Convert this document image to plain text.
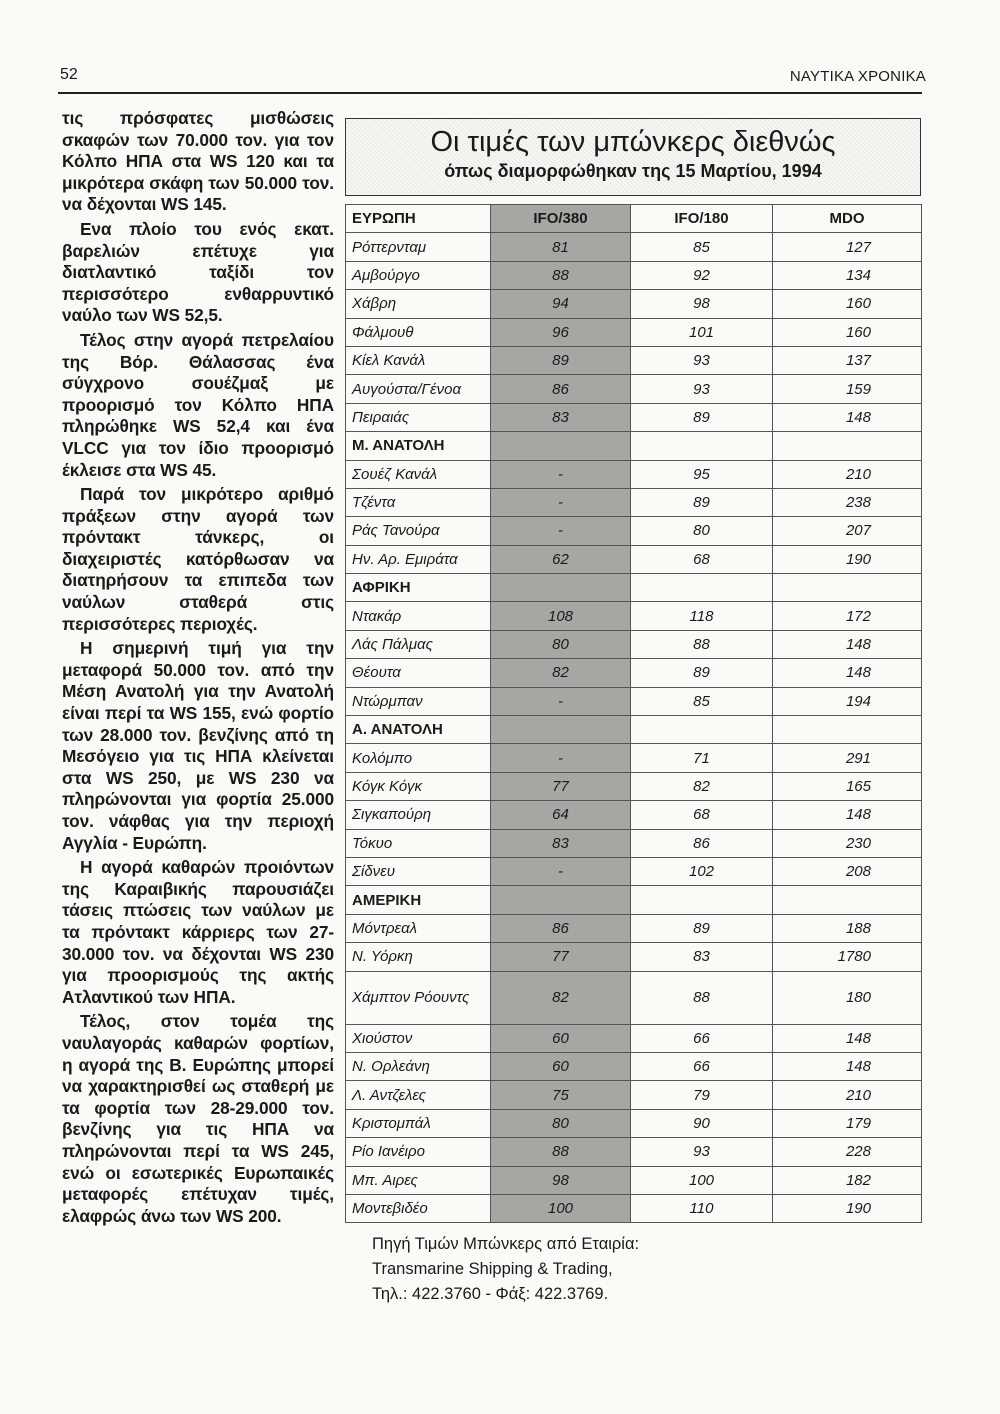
52	ΝΑΥΤΙΚΑ ΧΡΟΝΙΚΑ

τις πρόσφατες μισθώσεις σκαφών των 70.000 τον. για τον Κόλπο ΗΠΑ στα WS 120 και τα μικρότερα σκάφη των 50.000 τον. να δέχονται WS 145.

Ενα πλοίο του ενός εκατ. βαρελιών επέτυχε για διατλαντικό ταξίδι τον περισσότερο ενθαρρυντικό ναύλο των WS 52,5.

Τέλος στην αγορά πετρελαίου της Βόρ. Θάλασσας ένα σύγχρονο σουέζμαξ με προορισμό τον Κόλπο ΗΠΑ πληρώθηκε WS 52,4 και ένα VLCC για τον ίδιο προορισμό έκλεισε στα WS 45.

Παρά τον μικρότερο αριθμό πράξεων στην αγορά των πρόντακτ τάνκερς, οι διαχειριστές κατόρθωσαν να διατηρήσουν τα επιπεδα των ναύλων σταθερά στις περισσότερες περιοχές.

Η σημερινή τιμή για την μεταφορά 50.000 τον. από την Μέση Ανατολή για την Ανατολή είναι περί τα WS 155, ενώ φορτίο των 28.000 τον. βενζίνης από τη Μεσόγειο για τις ΗΠΑ κλείνεται στα WS 250, με WS 230 να πληρώνονται για φορτία 25.000 τον. νάφθας για την περιοχή Αγγλία - Ευρώπη.

Η αγορά καθαρών προιόντων της Καραιβικής παρουσιάζει τάσεις πτώσεις των ναύλων με τα πρόντακτ κάρριερς των 27-30.000 τον. να δέχονται WS 230 για προορισμούς της ακτής Ατλαντικού των ΗΠΑ.

Τέλος, στον τομέα της ναυλαγοράς καθαρών φορτίων, η αγορά της Β. Ευρώπης μπορεί να χαρακτηρισθεί ως σταθερή με τα φορτία των 28-29.000 τον. βενζίνης για τις ΗΠΑ να πληρώνονται περί τα WS 245, ενώ οι εσωτερικές Ευρωπαικές μεταφορές επέτυχαν τιμές, ελαφρώς άνω των WS 200.

Οι τιμές των μπώνκερς διεθνώς
όπως διαμορφώθηκαν της 15 Μαρτίου, 1994
ΕΥΡΩΠΗ	IFO/380	IFO/180	MDO
Ρόττερνταμ	81	85	127
Αμβούργο	88	92	134
Χάβρη	94	98	160
Φάλμουθ	96	101	160
Κίελ Κανάλ	89	93	137
Αυγούστα/Γένοα	86	93	159
Πειραιάς	83	89	148
Μ. ΑΝΑΤΟΛΗ			
Σουέζ Κανάλ	-	95	210
Τζέντα	-	89	238
Ράς Τανούρα	-	80	207
Ην. Αρ. Εμιράτα	62	68	190
ΑΦΡΙΚΗ			
Ντακάρ	108	118	172
Λάς Πάλμας	80	88	148
Θέουτα	82	89	148
Ντώρμπαν	-	85	194
Α. ΑΝΑΤΟΛΗ			
Κολόμπο	-	71	291
Κόγκ Κόγκ	77	82	165
Σιγκαπούρη	64	68	148
Τόκυο	83	86	230
Σίδνευ	-	102	208
ΑΜΕΡΙΚΗ			
Μόντρεαλ	86	89	188
Ν. Υόρκη	77	83	1780
Χάμπτον Ρόουντς	82	88	180
Χιούστον	60	66	148
Ν. Ορλεάνη	60	66	148
Λ. Αντζελες	75	79	210
Κριστομπάλ	80	90	179
Ρίο Ιανέιρο	88	93	228
Μπ. Αιρες	98	100	182
Μοντεβιδέο	100	110	190
Πηγή Τιμών Μπώνκερς από Εταιρία:
Transmarine Shipping & Trading,
Τηλ.: 422.3760 - Φάξ: 422.3769.
